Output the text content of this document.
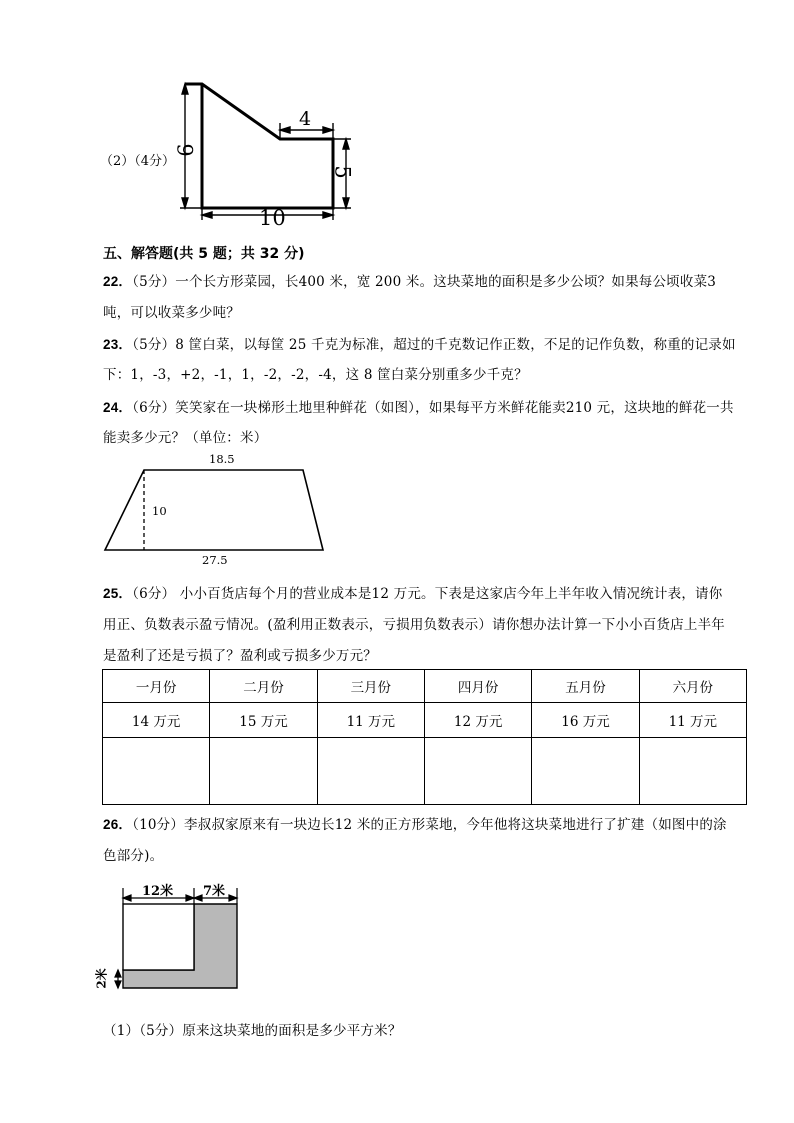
（2）（4分）
4
9
5
10
五、解答题(共 5 题；共 32 分)
22．（5分）一个长方形菜园，长400 米，宽 200 米。这块菜地的面积是多少公顷？如果每公顷收菜3
吨，可以收菜多少吨？
23．（5分）8 筐白菜，以每筐 25 千克为标准，超过的千克数记作正数，不足的记作负数，称重的记录如
下：1，-3，+2，-1，1，-2，-2，-4，这 8 筐白菜分别重多少千克？
24．（6分）笑笑家在一块梯形土地里种鲜花（如图），如果每平方米鲜花能卖210 元，这块地的鲜花一共
能卖多少元？（单位：米）
18.5
10
27.5
25．（6分） 小小百货店每个月的营业成本是12 万元。下表是这家店今年上半年收入情况统计表，请你
用正、负数表示盈亏情况。(盈利用正数表示，亏损用负数表示）请你想办法计算一下小小百货店上半年
是盈利了还是亏损了？盈利或亏损多少万元？
一月份	二月份	三月份	四月份	五月份	六月份
14 万元	15 万元	11 万元	12 万元	16 万元	11 万元

26．（10分）李叔叔家原来有一块边长12 米的正方形菜地，今年他将这块菜地进行了扩建（如图中的涂
色部分)。
12米 7米
2米
（1）（5分）原来这块菜地的面积是多少平方米？
